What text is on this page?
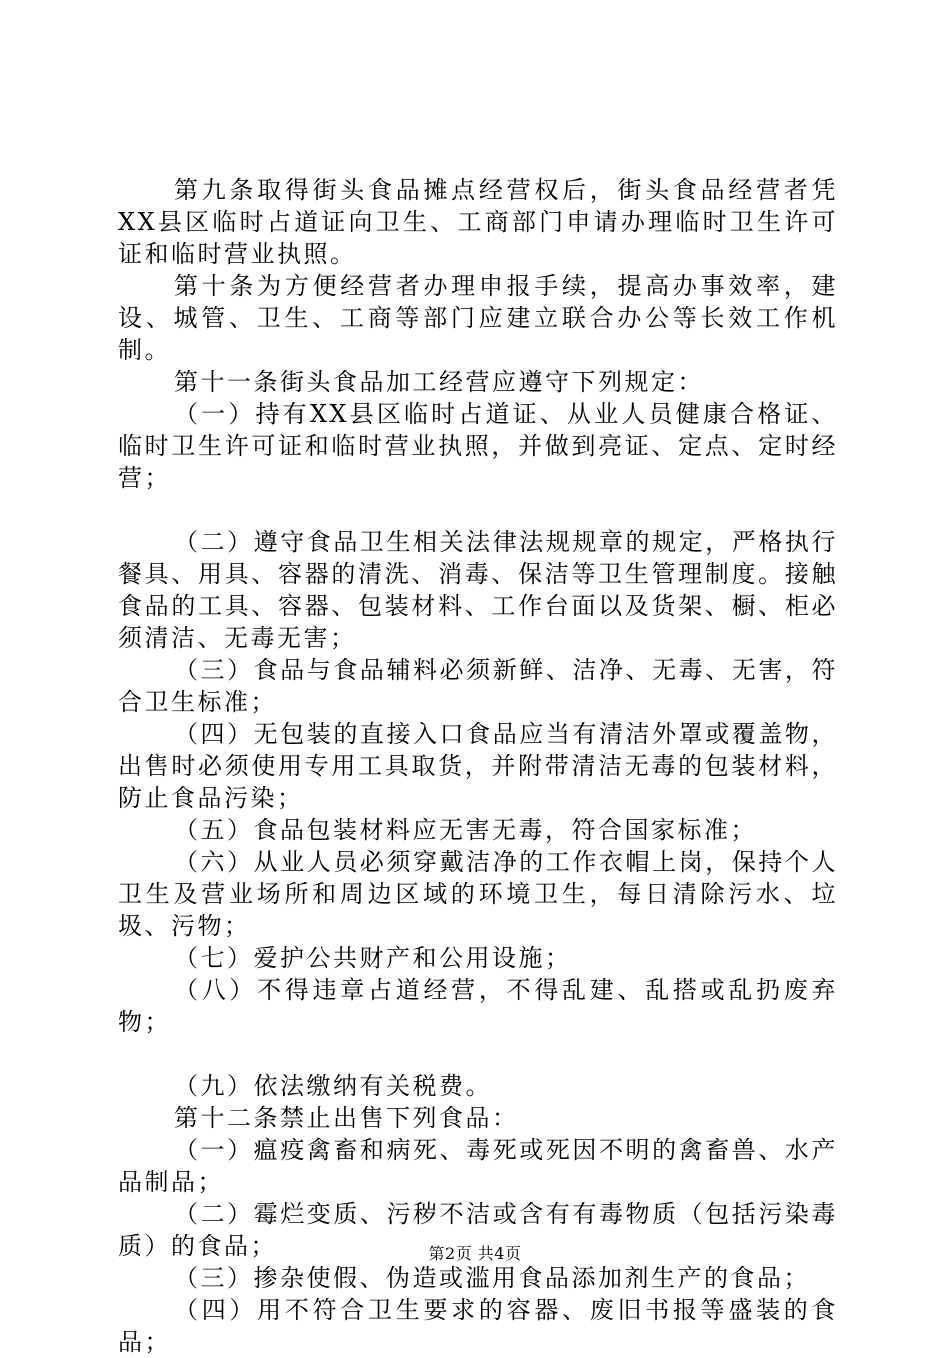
第九条取得街头食品摊点经营权后，街头食品经营者凭XX县区临时占道证向卫生、工商部门申请办理临时卫生许可证和临时营业执照。

第十条为方便经营者办理申报手续，提高办事效率，建设、城管、卫生、工商等部门应建立联合办公等长效工作机制。

第十一条街头食品加工经营应遵守下列规定：

（一）持有XX县区临时占道证、从业人员健康合格证、临时卫生许可证和临时营业执照，并做到亮证、定点、定时经营；

（二）遵守食品卫生相关法律法规规章的规定，严格执行餐具、用具、容器的清洗、消毒、保洁等卫生管理制度。接触食品的工具、容器、包装材料、工作台面以及货架、橱、柜必须清洁、无毒无害；

（三）食品与食品辅料必须新鲜、洁净、无毒、无害，符合卫生标准；

（四）无包装的直接入口食品应当有清洁外罩或覆盖物，出售时必须使用专用工具取货，并附带清洁无毒的包装材料，防止食品污染；

（五）食品包装材料应无害无毒，符合国家标准；

（六）从业人员必须穿戴洁净的工作衣帽上岗，保持个人卫生及营业场所和周边区域的环境卫生，每日清除污水、垃圾、污物；

（七）爱护公共财产和公用设施；

（八）不得违章占道经营，不得乱建、乱搭或乱扔废弃物；

（九）依法缴纳有关税费。

第十二条禁止出售下列食品：

（一）瘟疫禽畜和病死、毒死或死因不明的禽畜兽、水产品制品；

（二）霉烂变质、污秽不洁或含有有毒物质（包括污染毒质）的食品；

（三）掺杂使假、伪造或滥用食品添加剂生产的食品；

（四）用不符合卫生要求的容器、废旧书报等盛装的食品；

第2页 共4页
